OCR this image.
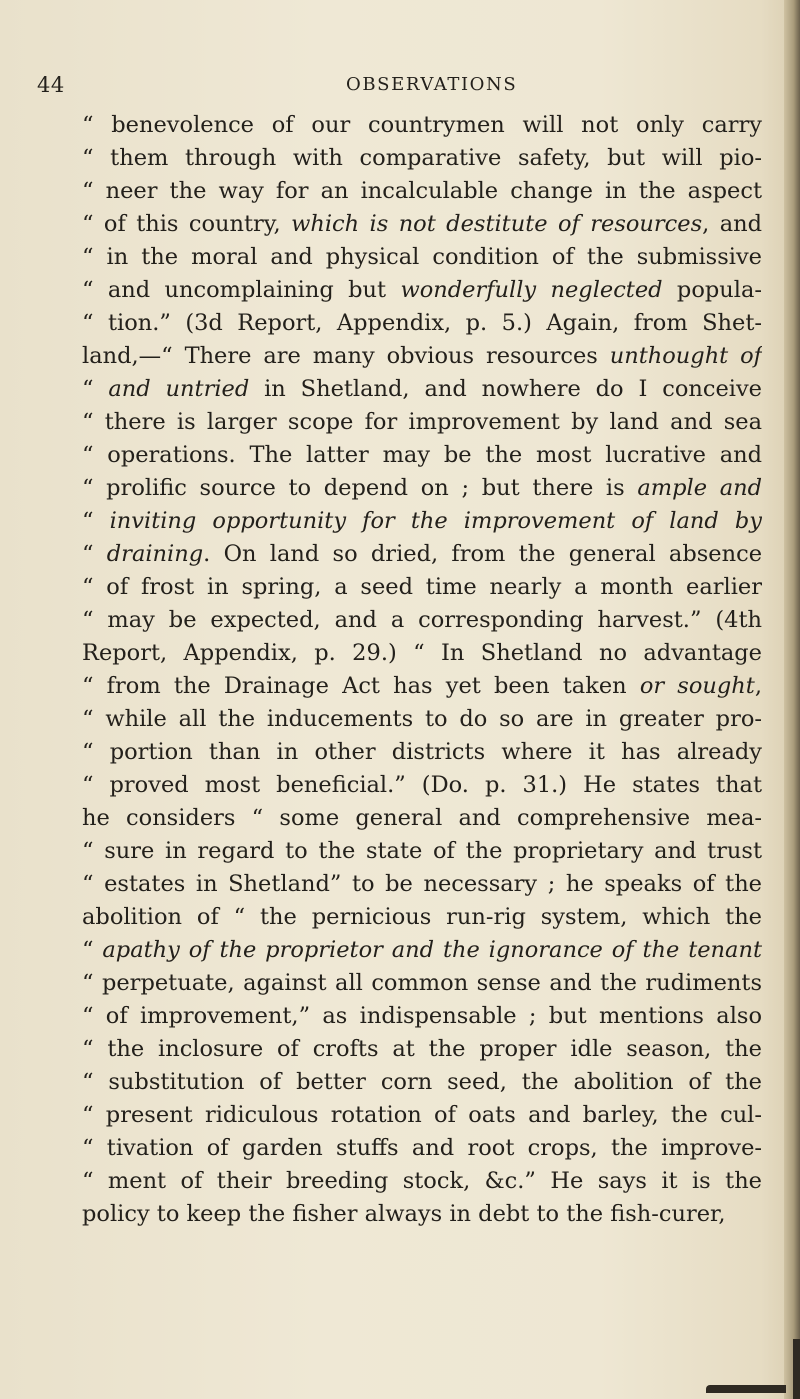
44	OBSERVATIONS
“ benevolence of our countrymen will not only carry
“ them through with comparative safety, but will pio-
“ neer the way for an incalculable change in the aspect
“ of this country, which is not destitute of resources, and
“ in the moral and physical condition of the submissive
“ and uncomplaining but wonderfully neglected popula-
“ tion.” (3d Report, Appendix, p. 5.) Again, from Shet-
land,—“ There are many obvious resources unthought of
“ and untried in Shetland, and nowhere do I conceive
“ there is larger scope for improvement by land and sea
“ operations. The latter may be the most lucrative and
“ prolific source to depend on ; but there is ample and
“ inviting opportunity for the improvement of land by
“ draining. On land so dried, from the general absence
“ of frost in spring, a seed time nearly a month earlier
“ may be expected, and a corresponding harvest.” (4th
Report, Appendix, p. 29.) “ In Shetland no advantage
“ from the Drainage Act has yet been taken or sought,
“ while all the inducements to do so are in greater pro-
“ portion than in other districts where it has already
“ proved most beneficial.” (Do. p. 31.) He states that
he considers “ some general and comprehensive mea-
“ sure in regard to the state of the proprietary and trust
“ estates in Shetland” to be necessary ; he speaks of the
abolition of “ the pernicious run-rig system, which the
“ apathy of the proprietor and the ignorance of the tenant
“ perpetuate, against all common sense and the rudiments
“ of improvement,” as indispensable ; but mentions also
“ the inclosure of crofts at the proper idle season, the
“ substitution of better corn seed, the abolition of the
“ present ridiculous rotation of oats and barley, the cul-
“ tivation of garden stuffs and root crops, the improve-
“ ment of their breeding stock, &c.” He says it is the
policy to keep the fisher always in debt to the fish-curer,
